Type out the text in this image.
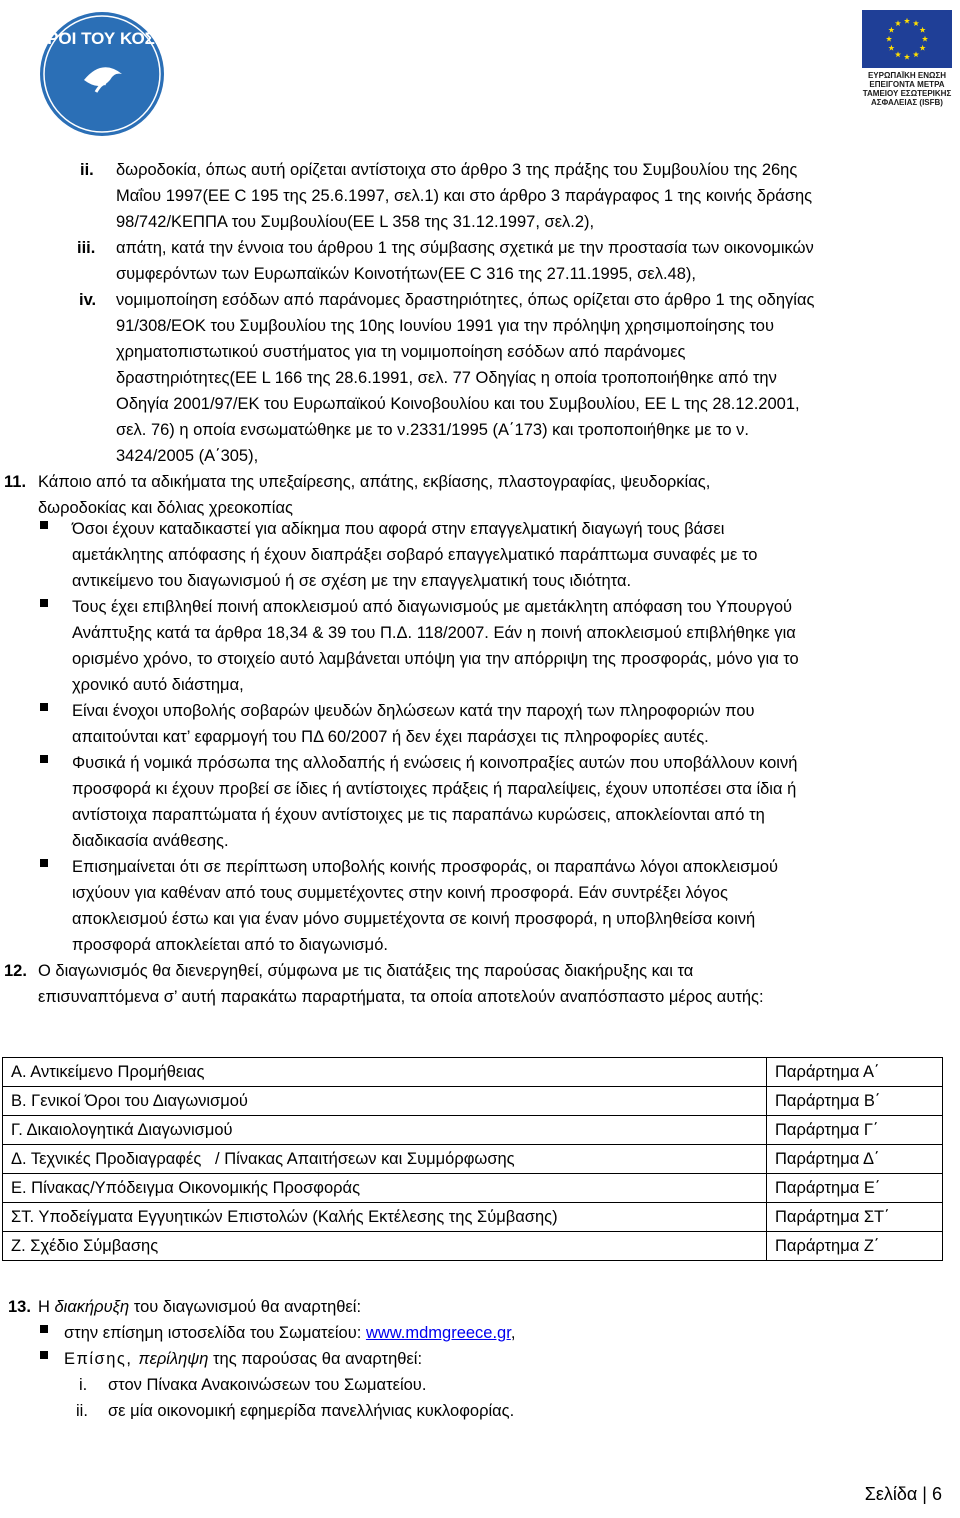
ΓΙΑΤΡΟΙ ΤΟΥ ΚΟΣΜΟΥ
ΕΥΡΩΠΑΪΚΗ ΕΝΩΣΗ
ΕΠΕΙΓΟΝΤΑ ΜΕΤΡΑ
ΤΑΜΕΙΟΥ ΕΣΩΤΕΡΙΚΗΣ
ΑΣΦΑΛΕΙΑΣ (ISFB)
ii. δωροδοκία, όπως αυτή ορίζεται αντίστοιχα στο άρθρο 3 της πράξης του Συμβουλίου της 26ης
Μαΐου 1997(ΕΕ C 195 της 25.6.1997, σελ.1) και στο άρθρο 3 παράγραφος 1 της κοινής δράσης
98/742/ΚΕΠΠΑ του Συμβουλίου(ΕΕ L 358 της 31.12.1997, σελ.2),
iii. απάτη, κατά την έννοια του άρθρου 1 της σύμβασης σχετικά με την προστασία των οικονομικών
συμφερόντων των Ευρωπαϊκών Κοινοτήτων(ΕΕ C 316 της 27.11.1995, σελ.48),
iv. νομιμοποίηση εσόδων από παράνομες δραστηριότητες, όπως ορίζεται στο άρθρο 1 της οδηγίας
91/308/ΕΟΚ του Συμβουλίου της 10ης Ιουνίου 1991 για την πρόληψη χρησιμοποίησης του
χρηματοπιστωτικού συστήματος για τη νομιμοποίηση εσόδων από παράνομες
δραστηριότητες(ΕΕ L 166 της 28.6.1991, σελ. 77 Οδηγίας η οποία τροποποιήθηκε από την
Οδηγία 2001/97/ΕΚ του Ευρωπαϊκού Κοινοβουλίου και του Συμβουλίου, ΕΕ L της 28.12.2001,
σελ. 76) η οποία ενσωματώθηκε με το ν.2331/1995 (Α΄173) και τροποποιήθηκε με το ν.
3424/2005 (Α΄305),
11. Κάποιο από τα αδικήματα της υπεξαίρεσης, απάτης, εκβίασης, πλαστογραφίας, ψευδορκίας,
δωροδοκίας και δόλιας χρεοκοπίας
Όσοι έχουν καταδικαστεί για αδίκημα που αφορά στην επαγγελματική διαγωγή τους βάσει
αμετάκλητης απόφασης ή έχουν διαπράξει σοβαρό επαγγελματικό παράπτωμα συναφές με το
αντικείμενο του διαγωνισμού ή σε σχέση με την επαγγελματική τους ιδιότητα.
Τους έχει επιβληθεί ποινή αποκλεισμού από διαγωνισμούς με αμετάκλητη απόφαση του Υπουργού
Ανάπτυξης κατά τα άρθρα 18,34 & 39 του Π.Δ. 118/2007. Εάν η ποινή αποκλεισμού επιβλήθηκε για
ορισμένο χρόνο, το στοιχείο αυτό λαμβάνεται υπόψη για την απόρριψη της προσφοράς, μόνο για το
χρονικό αυτό διάστημα,
Είναι ένοχοι υποβολής σοβαρών ψευδών δηλώσεων κατά την παροχή των πληροφοριών που
απαιτούνται κατ’ εφαρμογή του ΠΔ 60/2007 ή δεν έχει παράσχει τις πληροφορίες αυτές.
Φυσικά ή νομικά πρόσωπα της αλλοδαπής ή ενώσεις ή κοινοπραξίες αυτών που υποβάλλουν κοινή
προσφορά κι έχουν προβεί σε ίδιες ή αντίστοιχες πράξεις ή παραλείψεις, έχουν υποπέσει στα ίδια ή
αντίστοιχα παραπτώματα ή έχουν αντίστοιχες με τις παραπάνω κυρώσεις, αποκλείονται από τη
διαδικασία ανάθεσης.
Επισημαίνεται ότι σε περίπτωση υποβολής κοινής προσφοράς, οι παραπάνω λόγοι αποκλεισμού
ισχύουν για καθέναν από τους συμμετέχοντες στην κοινή προσφορά. Εάν συντρέξει λόγος
αποκλεισμού έστω και για έναν μόνο συμμετέχοντα σε κοινή προσφορά, η υποβληθείσα κοινή
προσφορά αποκλείεται από το διαγωνισμό.
12. Ο διαγωνισμός θα διενεργηθεί, σύμφωνα με τις διατάξεις της παρούσας διακήρυξης και τα
επισυναπτόμενα σ’ αυτή παρακάτω παραρτήματα, τα οποία αποτελούν αναπόσπαστο μέρος αυτής:
Α. Αντικείμενο Προμήθειας	Παράρτημα Α΄
Β. Γενικοί Όροι του Διαγωνισμού	Παράρτημα Β΄
Γ. Δικαιολογητικά Διαγωνισμού	Παράρτημα Γ΄
Δ. Τεχνικές Προδιαγραφές   / Πίνακας Απαιτήσεων και Συμμόρφωσης	Παράρτημα Δ΄
Ε. Πίνακας/Υπόδειγμα Οικονομικής Προσφοράς	Παράρτημα Ε΄
ΣΤ. Υποδείγματα Εγγυητικών Επιστολών (Καλής Εκτέλεσης της Σύμβασης)	Παράρτημα ΣΤ΄
Ζ. Σχέδιο Σύμβασης	Παράρτημα Ζ΄
13. Η διακήρυξη του διαγωνισμού θα αναρτηθεί:
στην επίσημη ιστοσελίδα του Σωματείου: www.mdmgreece.gr,
Επίσης, περίληψη της παρούσας θα αναρτηθεί:
i. στον Πίνακα Ανακοινώσεων του Σωματείου.
ii. σε μία οικονομική εφημερίδα πανελλήνιας κυκλοφορίας.
Σελίδα | 6
